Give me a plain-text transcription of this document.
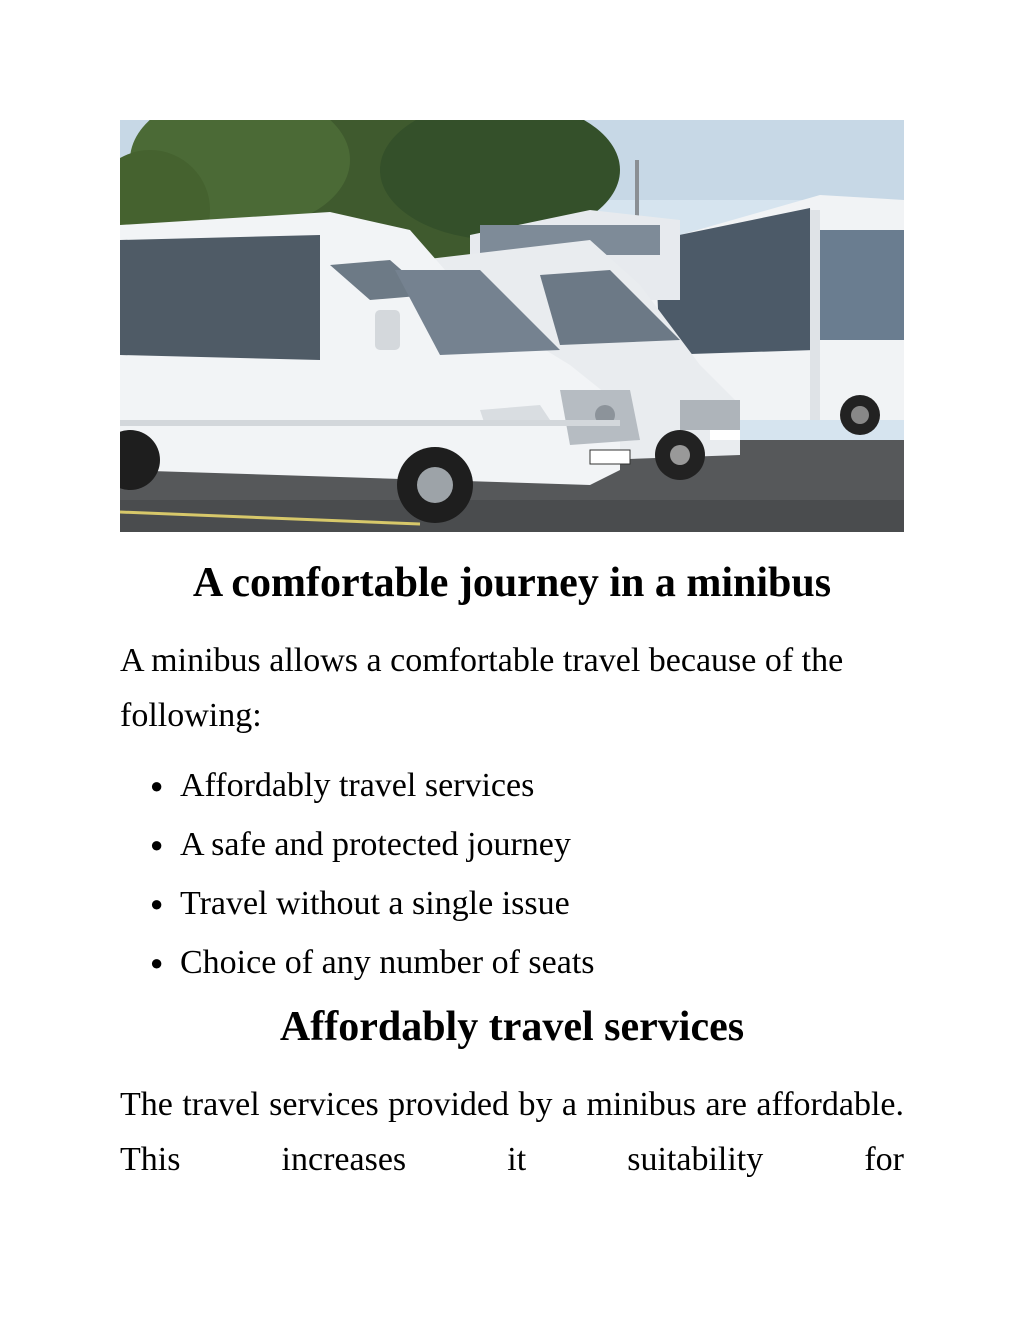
A comfortable journey in a minibus

A minibus allows a comfortable travel because of the following:

● Affordably travel services
● A safe and protected journey
● Travel without a single issue
● Choice of any number of seats
Affordably travel services

The travel services provided by a minibus are affordable. This increases it suitability for
